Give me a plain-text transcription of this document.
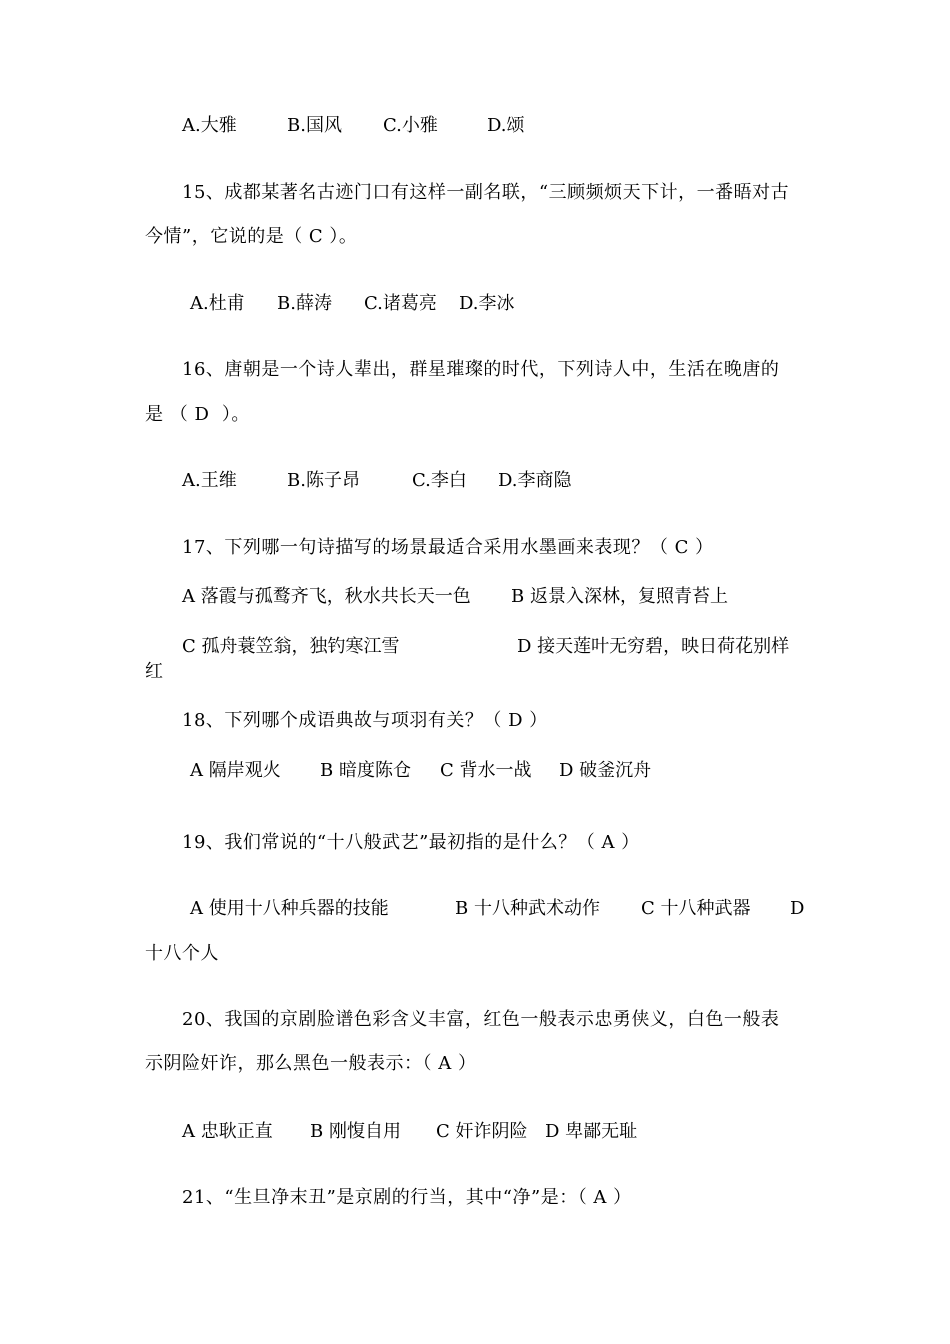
A.大雅	B.国风 C.小雅	D.颂
15、成都某著名古迹门口有这样一副名联，“三顾频烦天下计，一番晤对古
今情”，它说的是（ C ）。
A.杜甫 B.薛涛 C.诸葛亮 D.李冰
16、唐朝是一个诗人辈出，群星璀璨的时代，下列诗人中，生活在晚唐的
是 （ D  ）。
A.王维	B.陈子昂	C.李白 D.李商隐
17、下列哪一句诗描写的场景最适合采用水墨画来表现？（ C ）
A 落霞与孤鹜齐飞，秋水共长天一色 B 返景入深林，复照青苔上
C 孤舟蓑笠翁，独钓寒江雪	D 接天莲叶无穷碧，映日荷花别样
红
18、下列哪个成语典故与项羽有关？（ D ）
A 隔岸观火 B 暗度陈仓 C 背水一战 D 破釜沉舟
19、我们常说的“十八般武艺”最初指的是什么？（ A ）
A 使用十八种兵器的技能	B 十八种武术动作 C 十八种武器 D
十八个人
20、我国的京剧脸谱色彩含义丰富，红色一般表示忠勇侠义，白色一般表
示阴险奸诈，那么黑色一般表示：（ A ）
A 忠耿正直 B 刚愎自用 C 奸诈阴险 D 卑鄙无耻
21、“生旦净末丑”是京剧的行当，其中“净”是：（ A ）
